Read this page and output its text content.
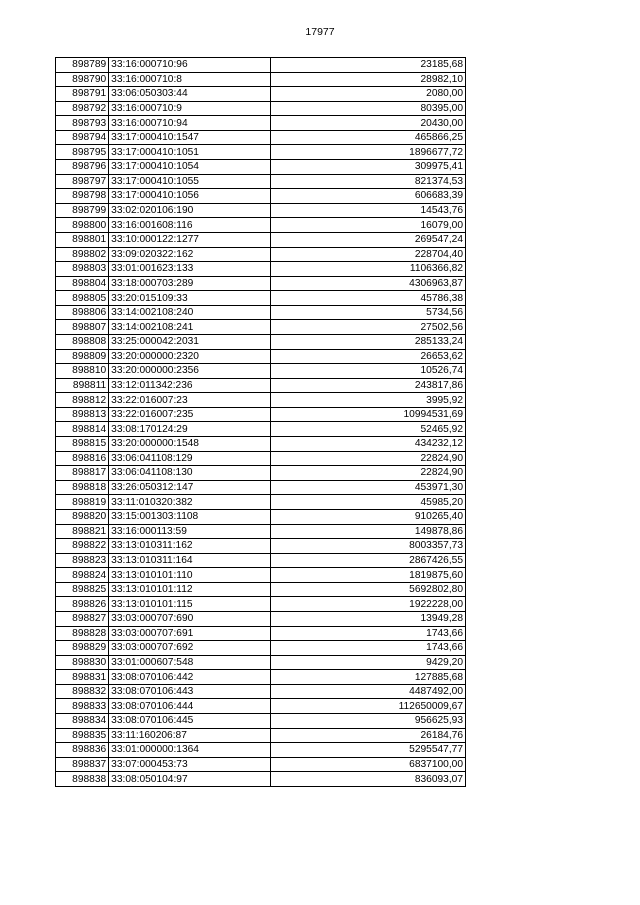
17977
898789	33:16:000710:96	23185,68
898790	33:16:000710:8	28982,10
898791	33:06:050303:44	2080,00
898792	33:16:000710:9	80395,00
898793	33:16:000710:94	20430,00
898794	33:17:000410:1547	465866,25
898795	33:17:000410:1051	1896677,72
898796	33:17:000410:1054	309975,41
898797	33:17:000410:1055	821374,53
898798	33:17:000410:1056	606683,39
898799	33:02:020106:190	14543,76
898800	33:16:001608:116	16079,00
898801	33:10:000122:1277	269547,24
898802	33:09:020322:162	228704,40
898803	33:01:001623:133	1106366,82
898804	33:18:000703:289	4306963,87
898805	33:20:015109:33	45786,38
898806	33:14:002108:240	5734,56
898807	33:14:002108:241	27502,56
898808	33:25:000042:2031	285133,24
898809	33:20:000000:2320	26653,62
898810	33:20:000000:2356	10526,74
898811	33:12:011342:236	243817,86
898812	33:22:016007:23	3995,92
898813	33:22:016007:235	10994531,69
898814	33:08:170124:29	52465,92
898815	33:20:000000:1548	434232,12
898816	33:06:041108:129	22824,90
898817	33:06:041108:130	22824,90
898818	33:26:050312:147	453971,30
898819	33:11:010320:382	45985,20
898820	33:15:001303:1108	910265,40
898821	33:16:000113:59	149878,86
898822	33:13:010311:162	8003357,73
898823	33:13:010311:164	2867426,55
898824	33:13:010101:110	1819875,60
898825	33:13:010101:112	5692802,80
898826	33:13:010101:115	1922228,00
898827	33:03:000707:690	13949,28
898828	33:03:000707:691	1743,66
898829	33:03:000707:692	1743,66
898830	33:01:000607:548	9429,20
898831	33:08:070106:442	127885,68
898832	33:08:070106:443	4487492,00
898833	33:08:070106:444	112650009,67
898834	33:08:070106:445	956625,93
898835	33:11:160206:87	26184,76
898836	33:01:000000:1364	5295547,77
898837	33:07:000453:73	6837100,00
898838	33:08:050104:97	836093,07
